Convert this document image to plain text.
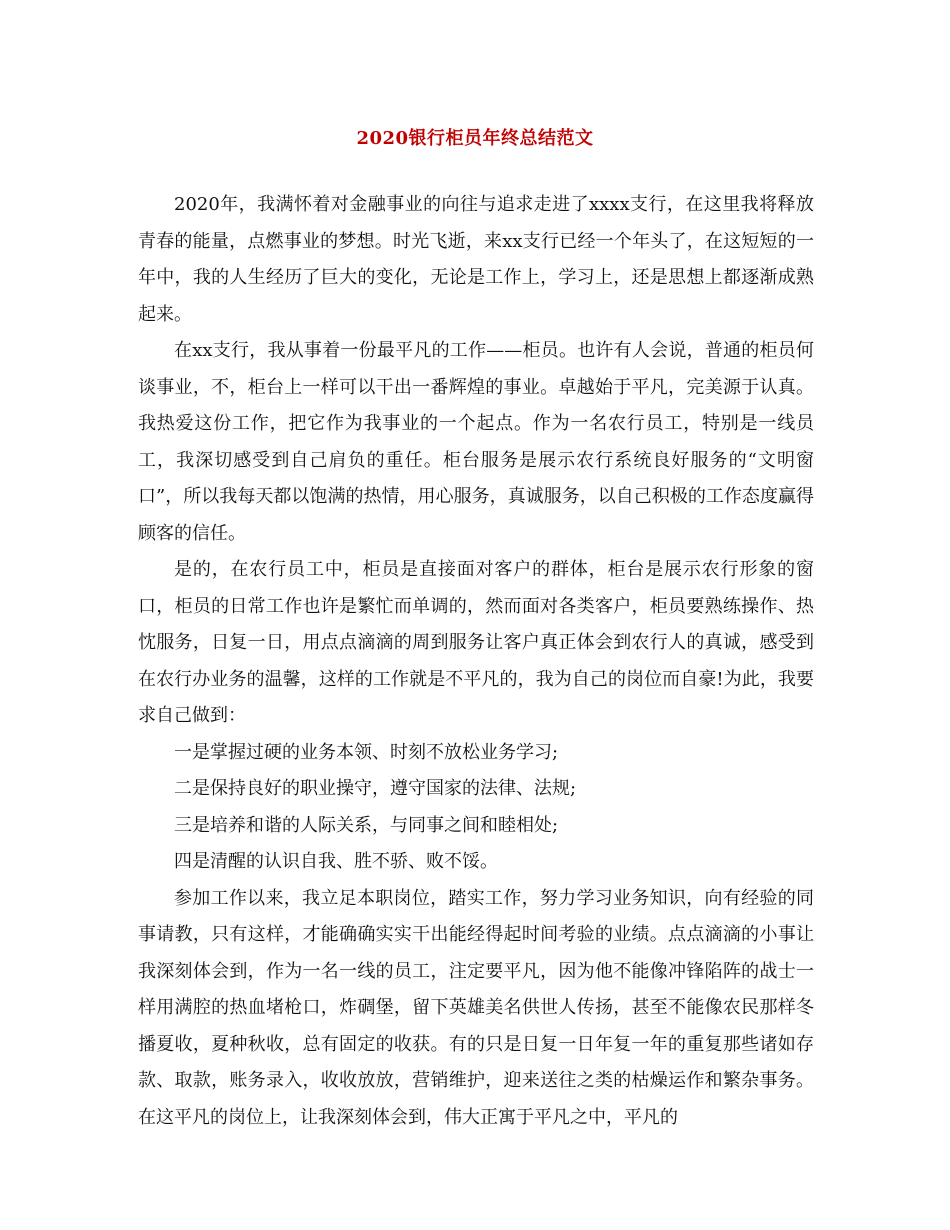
2020银行柜员年终总结范文

2020年，我满怀着对金融事业的向往与追求走进了xxxx支行，在这里我将释放青春的能量，点燃事业的梦想。时光飞逝，来xx支行已经一个年头了，在这短短的一年中，我的人生经历了巨大的变化，无论是工作上，学习上，还是思想上都逐渐成熟起来。

在xx支行，我从事着一份最平凡的工作——柜员。也许有人会说，普通的柜员何谈事业，不，柜台上一样可以干出一番辉煌的事业。卓越始于平凡，完美源于认真。我热爱这份工作，把它作为我事业的一个起点。作为一名农行员工，特别是一线员工，我深切感受到自己肩负的重任。柜台服务是展示农行系统良好服务的“文明窗口”，所以我每天都以饱满的热情，用心服务，真诚服务，以自己积极的工作态度赢得顾客的信任。

是的，在农行员工中，柜员是直接面对客户的群体，柜台是展示农行形象的窗口，柜员的日常工作也许是繁忙而单调的，然而面对各类客户，柜员要熟练操作、热忱服务，日复一日，用点点滴滴的周到服务让客户真正体会到农行人的真诚，感受到在农行办业务的温馨，这样的工作就是不平凡的，我为自己的岗位而自豪!为此，我要求自己做到：

一是掌握过硬的业务本领、时刻不放松业务学习;

二是保持良好的职业操守，遵守国家的法律、法规;

三是培养和谐的人际关系，与同事之间和睦相处;

四是清醒的认识自我、胜不骄、败不馁。

参加工作以来，我立足本职岗位，踏实工作，努力学习业务知识，向有经验的同事请教，只有这样，才能确确实实干出能经得起时间考验的业绩。点点滴滴的小事让我深刻体会到，作为一名一线的员工，注定要平凡，因为他不能像冲锋陷阵的战士一样用满腔的热血堵枪口，炸碉堡，留下英雄美名供世人传扬，甚至不能像农民那样冬播夏收，夏种秋收，总有固定的收获。有的只是日复一日年复一年的重复那些诸如存款、取款，账务录入，收收放放，营销维护，迎来送往之类的枯燥运作和繁杂事务。在这平凡的岗位上，让我深刻体会到，伟大正寓于平凡之中，平凡的
